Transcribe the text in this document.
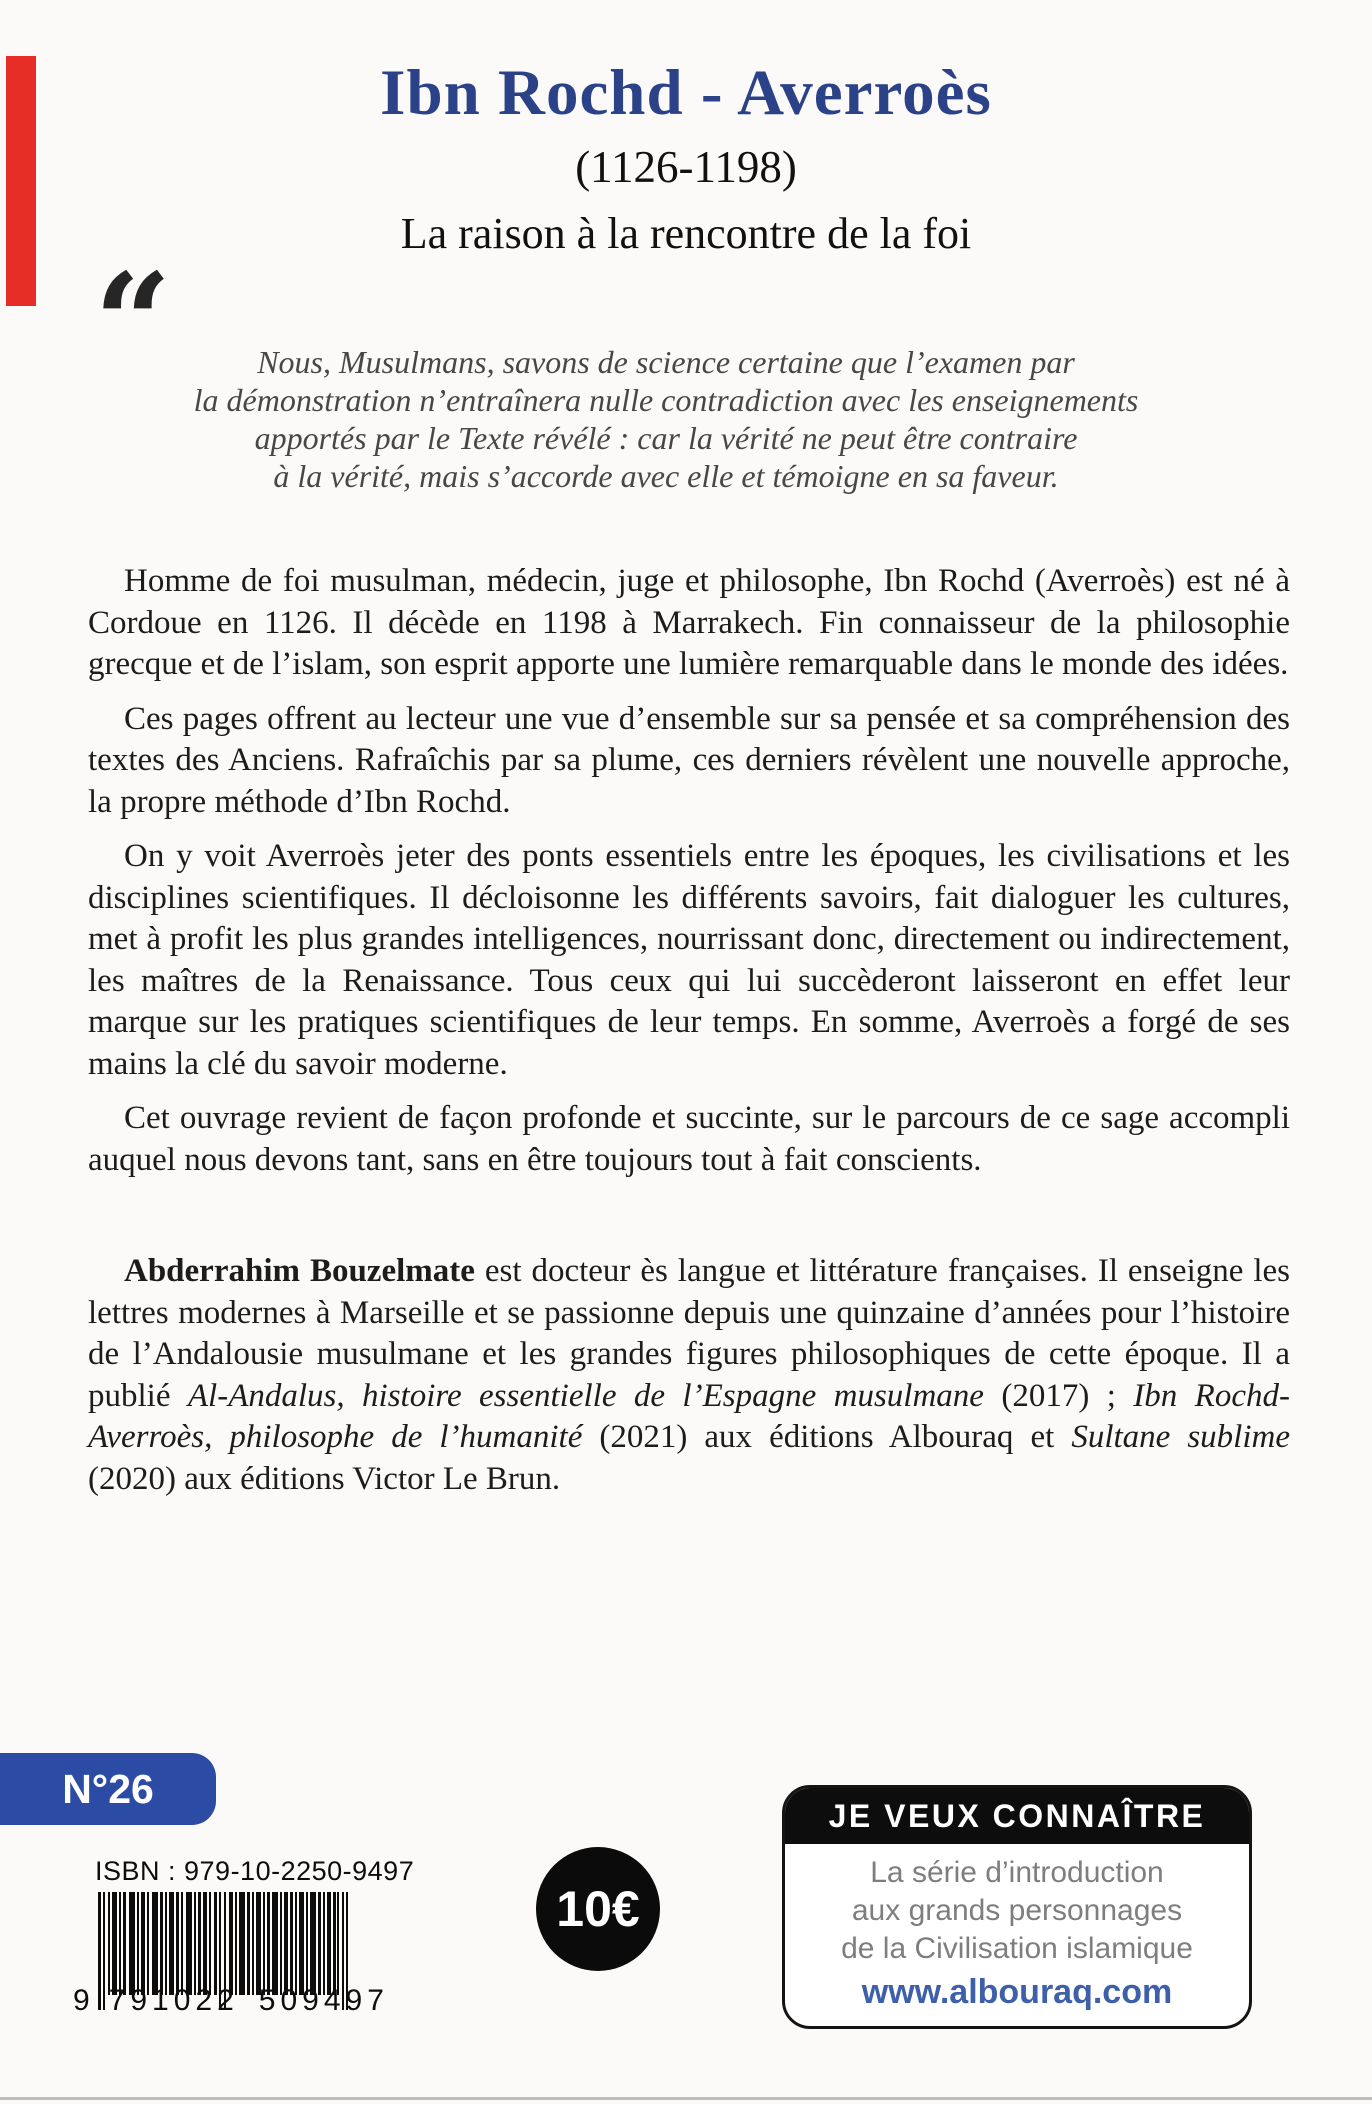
Ibn Rochd - Averroès
(1126-1198)
La raison à la rencontre de la foi
“	Nous, Musulmans, savons de science certaine que l’examen par
la démonstration n’entraînera nulle contradiction avec les enseignements
apportés par le Texte révélé : car la vérité ne peut être contraire
à la vérité, mais s’accorde avec elle et témoigne en sa faveur.

Homme de foi musulman, médecin, juge et philosophe, Ibn Rochd (Averroès) est né à Cordoue en 1126. Il décède en 1198 à Marrakech. Fin connaisseur de la philosophie grecque et de l’islam, son esprit apporte une lumière remarquable dans le monde des idées.

Ces pages offrent au lecteur une vue d’ensemble sur sa pensée et sa compréhension des textes des Anciens. Rafraîchis par sa plume, ces derniers révèlent une nouvelle approche, la propre méthode d’Ibn Rochd.

On y voit Averroès jeter des ponts essentiels entre les époques, les civilisations et les disciplines scientifiques. Il décloisonne les différents savoirs, fait dialoguer les cultures, met à profit les plus grandes intelligences, nourrissant donc, directement ou indirectement, les maîtres de la Renaissance. Tous ceux qui lui succèderont laisseront en effet leur marque sur les pratiques scientifiques de leur temps. En somme, Averroès a forgé de ses mains la clé du savoir moderne.

Cet ouvrage revient de façon profonde et succinte, sur le parcours de ce sage accompli auquel nous devons tant, sans en être toujours tout à fait conscients.

Abderrahim Bouzelmate est docteur ès langue et littérature françaises. Il enseigne les lettres modernes à Marseille et se passionne depuis une quinzaine d’années pour l’histoire de l’Andalousie musulmane et les grandes figures philosophiques de cette époque. Il a publié Al-Andalus, histoire essentielle de l’Espagne musulmane (2017) ; Ibn Rochd-Averroès, philosophe de l’humanité (2021) aux éditions Albouraq et Sultane sublime (2020) aux éditions Victor Le Brun.
N°26
ISBN : 979-10-2250-9497
9 791022 509497
10€
JE VEUX CONNAÎTRE
La série d’introduction
aux grands personnages
de la Civilisation islamique
www.albouraq.com
